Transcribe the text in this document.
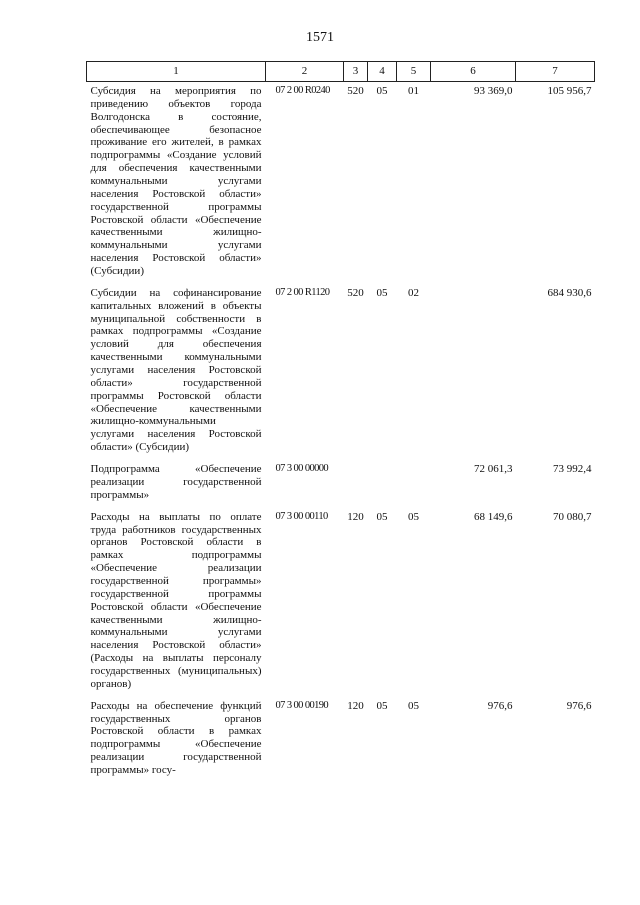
1571
1	2	3	4	5	6	7
Субсидия на мероприятия по приведению объектов города Волгодонска в состояние, обеспечивающее безопасное проживание его жителей, в рамках подпрограммы «Создание условий для обеспечения качественными коммунальными услугами населения Ростовской области» государственной программы Ростовской области «Обеспечение качественными жилищно-коммунальными услугами населения Ростовской области» (Субсидии)	07 2 00 R0240	520	05	01	93 369,0	105 956,7
Субсидии на софинансирование капитальных вложений в объекты муниципальной собственности в рамках подпрограммы «Создание условий для обеспечения качественными коммунальными услугами населения Ростовской области» государственной программы Ростовской области «Обеспечение качественными жилищно-коммунальными услугами населения Ростовской области» (Субсидии)	07 2 00 R1120	520	05	02		684 930,6
Подпрограмма «Обеспечение реализации государственной программы»	07 3 00 00000				72 061,3	73 992,4
Расходы на выплаты по оплате труда работников государственных органов Ростовской области в рамках подпрограммы «Обеспечение реализации государственной программы» государственной программы Ростовской области «Обеспечение качественными жилищно-коммунальными услугами населения Ростовской области» (Расходы на выплаты персоналу государственных (муниципальных) органов)	07 3 00 00110	120	05	05	68 149,6	70 080,7
Расходы на обеспечение функций государственных органов Ростовской области в рамках подпрограммы «Обеспечение реализации государственной программы» госу-	07 3 00 00190	120	05	05	976,6	976,6
